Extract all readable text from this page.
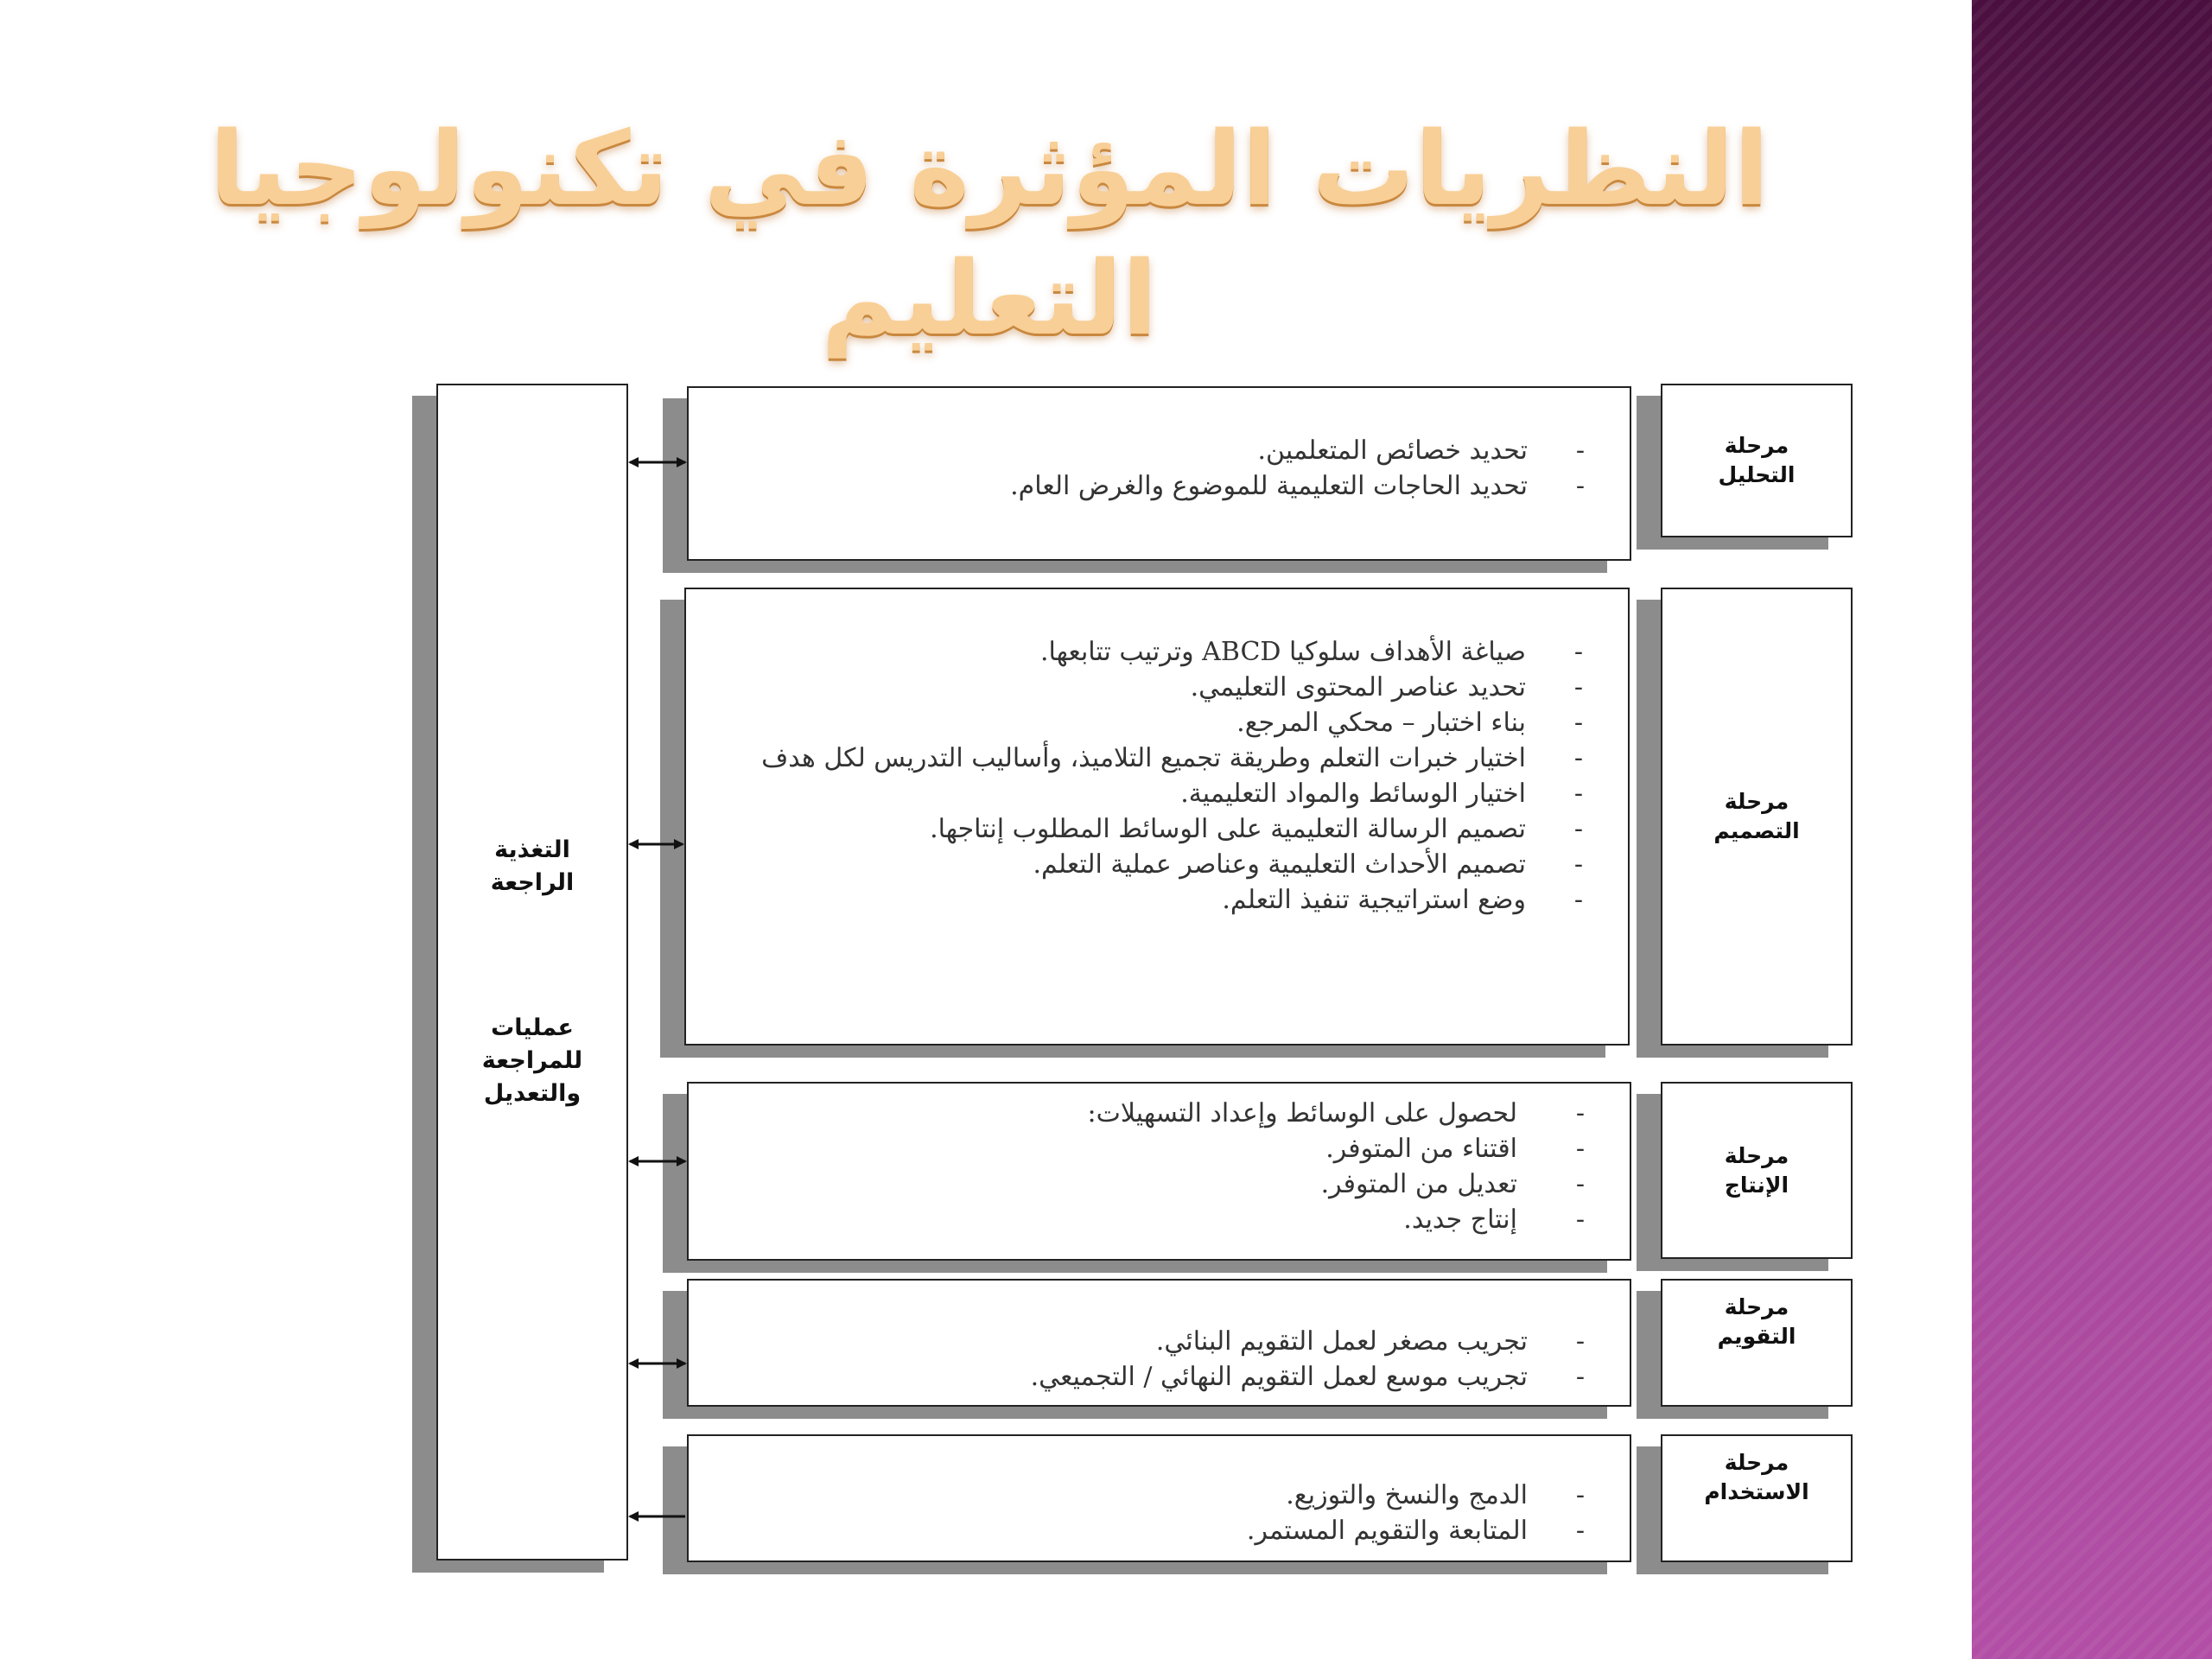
النظريات المؤثرة في تكنولوجيا التعليم
التغذية الراجعة
عمليات للمراجعة والتعديل
- تحديد خصائص المتعلمين.
- تحديد الحاجات التعليمية للموضوع والغرض العام.
مرحلة التحليل
- صياغة الأهداف سلوكيا ABCD وترتيب تتابعها.
- تحديد عناصر المحتوى التعليمي.
- بناء اختبار – محكي المرجع.
- اختيار خبرات التعلم وطريقة تجميع التلاميذ، وأساليب التدريس لكل هدف
- اختيار الوسائط والمواد التعليمية.
- تصميم الرسالة التعليمية على الوسائط المطلوب إنتاجها.
- تصميم الأحداث التعليمية وعناصر عملية التعلم.
- وضع استراتيجية تنفيذ التعلم.
مرحلة التصميم
- لحصول على الوسائط وإعداد التسهيلات:
- اقتناء من المتوفر.
- تعديل من المتوفر.
- إنتاج جديد.
مرحلة الإنتاج
- تجريب مصغر لعمل التقويم البنائي.
- تجريب موسع لعمل التقويم النهائي / التجميعي.
مرحلة التقويم
- الدمج والنسخ والتوزيع.
- المتابعة والتقويم المستمر.
مرحلة الاستخدام
